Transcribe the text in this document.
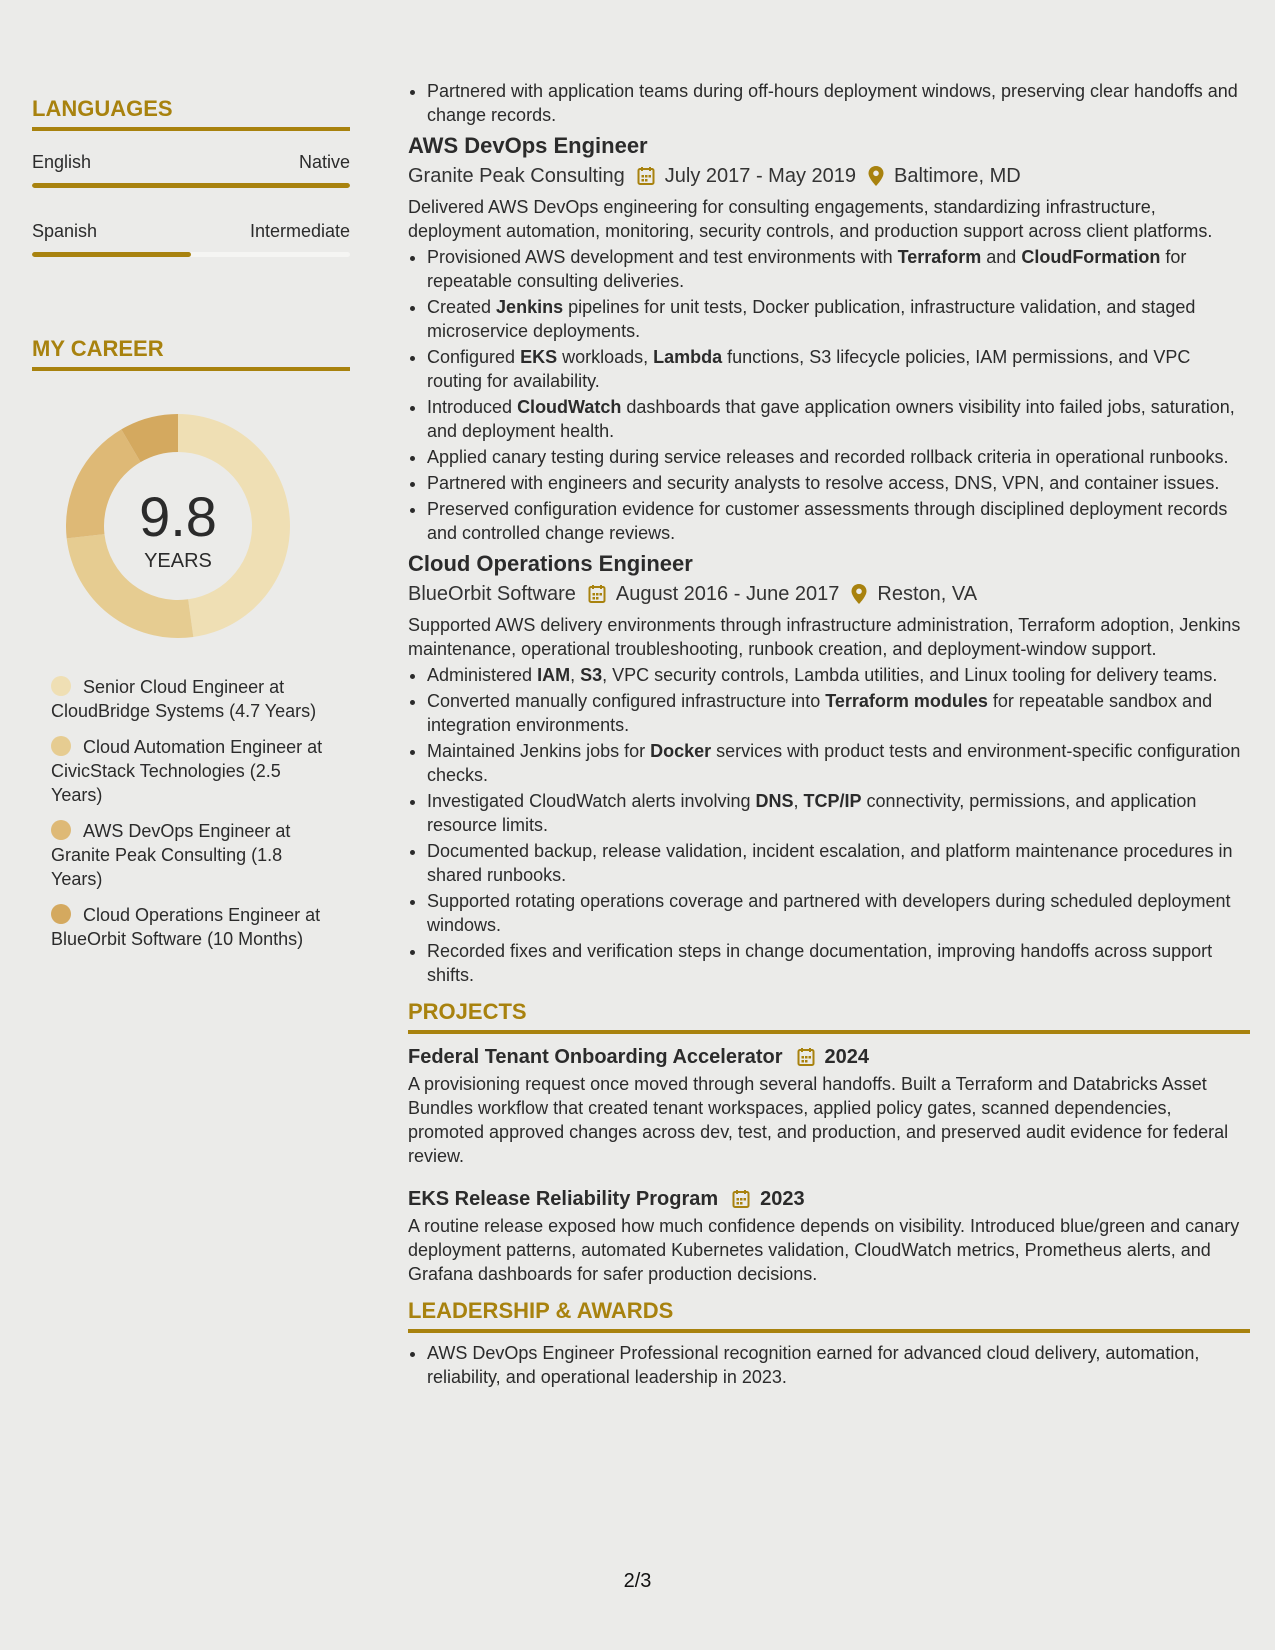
LANGUAGES
English	Native
Spanish	Intermediate
MY CAREER
9.8
YEARS
Senior Cloud Engineer at CloudBridge Systems (4.7 Years)
Cloud Automation Engineer at CivicStack Technologies (2.5 Years)
AWS DevOps Engineer at Granite Peak Consulting (1.8 Years)
Cloud Operations Engineer at BlueOrbit Software (10 Months)
• Partnered with application teams during off-hours deployment windows, preserving clear handoffs and change records.
AWS DevOps Engineer
Granite Peak Consulting July 2017 - May 2019 Baltimore, MD
Delivered AWS DevOps engineering for consulting engagements, standardizing infrastructure, deployment automation, monitoring, security controls, and production support across client platforms.
• Provisioned AWS development and test environments with Terraform and CloudFormation for repeatable consulting deliveries.
• Created Jenkins pipelines for unit tests, Docker publication, infrastructure validation, and staged microservice deployments.
• Configured EKS workloads, Lambda functions, S3 lifecycle policies, IAM permissions, and VPC routing for availability.
• Introduced CloudWatch dashboards that gave application owners visibility into failed jobs, saturation, and deployment health.
• Applied canary testing during service releases and recorded rollback criteria in operational runbooks.
• Partnered with engineers and security analysts to resolve access, DNS, VPN, and container issues.
• Preserved configuration evidence for customer assessments through disciplined deployment records and controlled change reviews.
Cloud Operations Engineer
BlueOrbit Software August 2016 - June 2017 Reston, VA
Supported AWS delivery environments through infrastructure administration, Terraform adoption, Jenkins maintenance, operational troubleshooting, runbook creation, and deployment-window support.
• Administered IAM, S3, VPC security controls, Lambda utilities, and Linux tooling for delivery teams.
• Converted manually configured infrastructure into Terraform modules for repeatable sandbox and integration environments.
• Maintained Jenkins jobs for Docker services with product tests and environment-specific configuration checks.
• Investigated CloudWatch alerts involving DNS, TCP/IP connectivity, permissions, and application resource limits.
• Documented backup, release validation, incident escalation, and platform maintenance procedures in shared runbooks.
• Supported rotating operations coverage and partnered with developers during scheduled deployment windows.
• Recorded fixes and verification steps in change documentation, improving handoffs across support shifts.
PROJECTS
Federal Tenant Onboarding Accelerator 2024
A provisioning request once moved through several handoffs. Built a Terraform and Databricks Asset Bundles workflow that created tenant workspaces, applied policy gates, scanned dependencies, promoted approved changes across dev, test, and production, and preserved audit evidence for federal review.
EKS Release Reliability Program 2023
A routine release exposed how much confidence depends on visibility. Introduced blue/green and canary deployment patterns, automated Kubernetes validation, CloudWatch metrics, Prometheus alerts, and Grafana dashboards for safer production decisions.
LEADERSHIP & AWARDS
• AWS DevOps Engineer Professional recognition earned for advanced cloud delivery, automation, reliability, and operational leadership in 2023.
2/3
